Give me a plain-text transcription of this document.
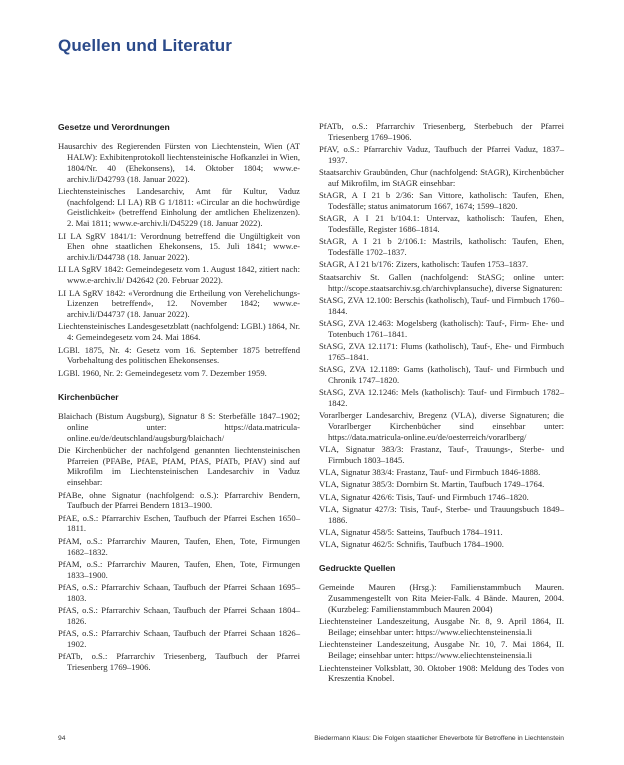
Quellen und Literatur
Gesetze und Verordnungen
Hausarchiv des Regierenden Fürsten von Liechtenstein, Wien (AT HALW): Exhibitenprotokoll liechtensteinische Hofkanzlei in Wien, 1804/Nr. 40 (Ehekonsens), 14. Oktober 1804; www.e-archiv.li/D42793 (18. Januar 2022).
Liechtensteinisches Landesarchiv, Amt für Kultur, Vaduz (nachfolgend: LI LA) RB G 1/1811: «Circular an die hochwürdige Geistlichkeit» (betreffend Einholung der amtlichen Ehelizenzen). 2. Mai 1811; www.e-archiv.li/D45229 (18. Januar 2022).
LI LA SgRV 1841/1: Verordnung betreffend die Ungültigkeit von Ehen ohne staatlichen Ehekonsens, 15. Juli 1841; www.e-archiv.li/D44738 (18. Januar 2022).
LI LA SgRV 1842: Gemeindegesetz vom 1. August 1842, zitiert nach: www.e-archiv.li/ D42642 (20. Februar 2022).
LI LA SgRV 1842: «Verordnung die Ertheilung von Verehelichungs-Lizenzen betreffend», 12. November 1842; www.e-archiv.li/D44737 (18. Januar 2022).
Liechtensteinisches Landesgesetzblatt (nachfolgend: LGBl.) 1864, Nr. 4: Gemeindegesetz vom 24. Mai 1864.
LGBl. 1875, Nr. 4: Gesetz vom 16. September 1875 betreffend Vorbehaltung des politischen Ehekonsenses.
LGBl. 1960, Nr. 2: Gemeindegesetz vom 7. Dezember 1959.
Kirchenbücher
Blaichach (Bistum Augsburg), Signatur 8 S: Sterbefälle 1847–1902; online unter: https://data.matricula-online.eu/de/deutschland/augsburg/blaichach/
Die Kirchenbücher der nachfolgend genannten liechtensteinischen Pfarreien (PFABe, PfAE, PfAM, PfAS, PfATb, PfAV) sind auf Mikrofilm im Liechtensteinischen Landesarchiv in Vaduz einsehbar:
PfABe, ohne Signatur (nachfolgend: o.S.): Pfarrarchiv Bendern, Taufbuch der Pfarrei Bendern 1813–1900.
PfAE, o.S.: Pfarrarchiv Eschen, Taufbuch der Pfarrei Eschen 1650–1811.
PfAM, o.S.: Pfarrarchiv Mauren, Taufen, Ehen, Tote, Firmungen 1682–1832.
PfAM, o.S.: Pfarrarchiv Mauren, Taufen, Ehen, Tote, Firmungen 1833–1900.
PfAS, o.S.: Pfarrarchiv Schaan, Taufbuch der Pfarrei Schaan 1695–1803.
PfAS, o.S.: Pfarrarchiv Schaan, Taufbuch der Pfarrei Schaan 1804–1826.
PfAS, o.S.: Pfarrarchiv Schaan, Taufbuch der Pfarrei Schaan 1826–1902.
PfATb, o.S.: Pfarrarchiv Triesenberg, Taufbuch der Pfarrei Triesenberg 1769–1906.
PfATb, o.S.: Pfarrarchiv Triesenberg, Sterbebuch der Pfarrei Triesenberg 1769–1906.
PfAV, o.S.: Pfarrarchiv Vaduz, Taufbuch der Pfarrei Vaduz, 1837–1937.
Staatsarchiv Graubünden, Chur (nachfolgend: StAGR), Kirchenbücher auf Mikrofilm, im StAGR einsehbar:
StAGR, A I 21 b 2/36: San Vittore, katholisch: Taufen, Ehen, Todesfälle; status animatorum 1667, 1674; 1599–1820.
StAGR, A I 21 b/104.1: Untervaz, katholisch: Taufen, Ehen, Todesfälle, Register 1686–1814.
StAGR, A I 21 b 2/106.1: Mastrils, katholisch: Taufen, Ehen, Todesfälle 1702–1837.
StAGR, A I 21 b/176: Zizers, katholisch: Taufen 1753–1837.
Staatsarchiv St. Gallen (nachfolgend: StASG; online unter: http://scope.staatsarchiv.sg.ch/archivplansuche), diverse Signaturen:
StASG, ZVA 12.100: Berschis (katholisch), Tauf- und Firmbuch 1760–1844.
StASG, ZVA 12.463: Mogelsberg (katholisch): Tauf-, Firm- Ehe- und Totenbuch 1761–1841.
StASG, ZVA 12.1171: Flums (katholisch), Tauf-, Ehe- und Firmbuch 1765–1841.
StASG, ZVA 12.1189: Gams (katholisch), Tauf- und Firmbuch und Chronik 1747–1820.
StASG, ZVA 12.1246: Mels (katholisch): Tauf- und Firmbuch 1782–1842.
Vorarlberger Landesarchiv, Bregenz (VLA), diverse Signaturen; die Vorarlberger Kirchenbücher sind einsehbar unter: https://data.matricula-online.eu/de/oesterreich/vorarlberg/
VLA, Signatur 383/3: Frastanz, Tauf-, Trauungs-, Sterbe- und Firmbuch 1803–1845.
VLA, Signatur 383/4: Frastanz, Tauf- und Firmbuch 1846-1888.
VLA, Signatur 385/3: Dornbirn St. Martin, Taufbuch 1749–1764.
VLA, Signatur 426/6: Tisis, Tauf- und Firmbuch 1746–1820.
VLA, Signatur 427/3: Tisis, Tauf-, Sterbe- und Trauungsbuch 1849–1886.
VLA, Signatur 458/5: Satteins, Taufbuch 1784–1911.
VLA, Signatur 462/5: Schnifis, Taufbuch 1784–1900.
Gedruckte Quellen
Gemeinde Mauren (Hrsg.): Familienstammbuch Mauren. Zusammengestellt von Rita Meier-Falk. 4 Bände. Mauren, 2004. (Kurzbeleg: Familienstammbuch Mauren 2004)
Liechtensteiner Landeszeitung, Ausgabe Nr. 8, 9. April 1864, II. Beilage; einsehbar unter: https://www.eliechtensteinensia.li
Liechtensteiner Landeszeitung, Ausgabe Nr. 10, 7. Mai 1864, II. Beilage; einsehbar unter: https://www.eliechtensteinensia.li
Liechtensteiner Volksblatt, 30. Oktober 1908: Meldung des Todes von Kreszentia Knobel.
94	Biedermann Klaus: Die Folgen staatlicher Eheverbote für Betroffene in Liechtenstein
